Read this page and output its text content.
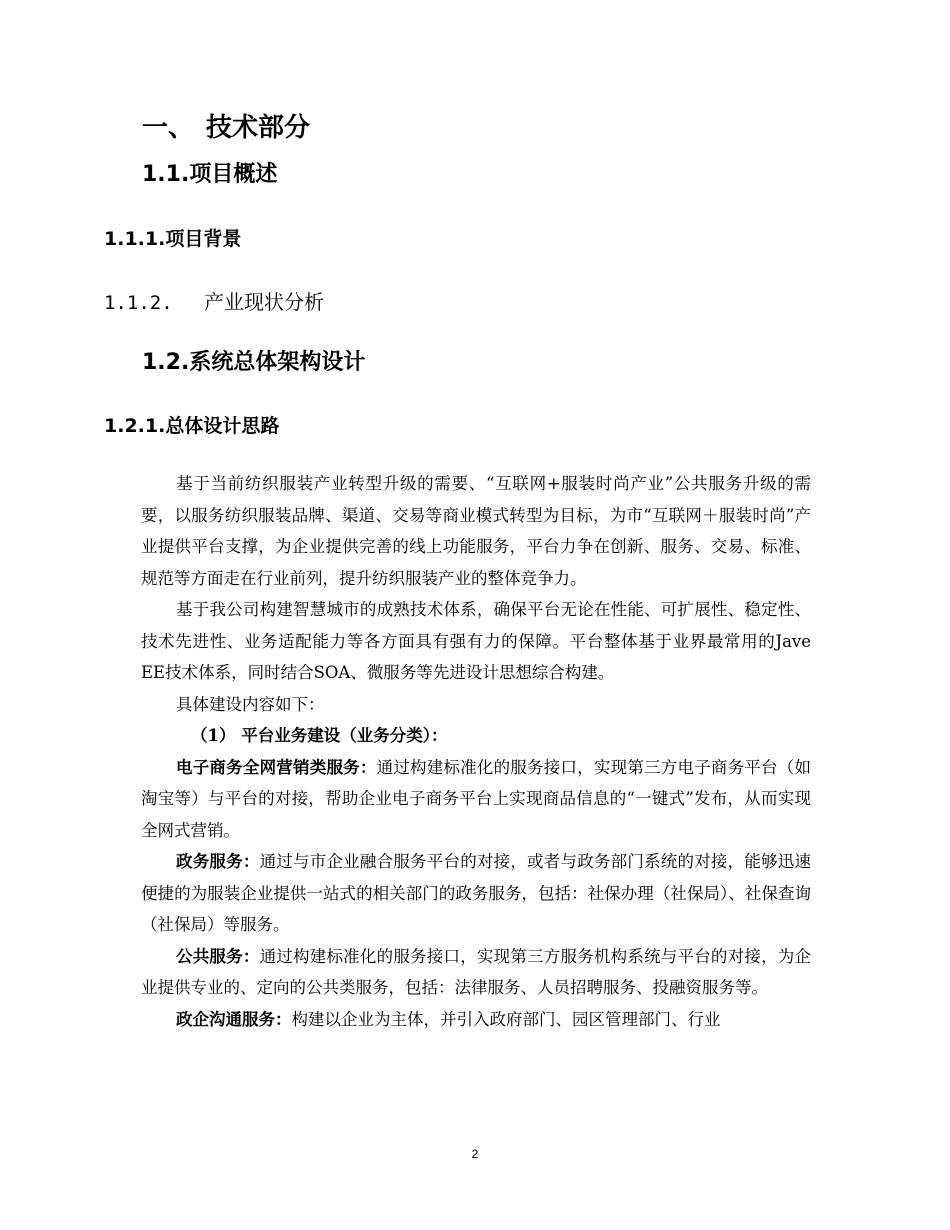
一、 技术部分
1.1.项目概述
1.1.1.项目背景
1.1.2. 产业现状分析
1.2.系统总体架构设计
1.2.1.总体设计思路

基于当前纺织服装产业转型升级的需要、“互联网+服装时尚产业”公共服务升级的需要，以服务纺织服装品牌、渠道、交易等商业模式转型为目标，为市“互联网＋服装时尚”产业提供平台支撑，为企业提供完善的线上功能服务，平台力争在创新、服务、交易、标准、规范等方面走在行业前列，提升纺织服装产业的整体竞争力。

基于我公司构建智慧城市的成熟技术体系，确保平台无论在性能、可扩展性、稳定性、技术先进性、业务适配能力等各方面具有强有力的保障。平台整体基于业界最常用的Jave EE技术体系，同时结合SOA、微服务等先进设计思想综合构建。

具体建设内容如下：

（1） 平台业务建设（业务分类）：

电子商务全网营销类服务：通过构建标准化的服务接口，实现第三方电子商务平台（如淘宝等）与平台的对接，帮助企业电子商务平台上实现商品信息的“一键式”发布，从而实现全网式营销。

政务服务：通过与市企业融合服务平台的对接，或者与政务部门系统的对接，能够迅速便捷的为服装企业提供一站式的相关部门的政务服务，包括：社保办理（社保局）、社保查询（社保局）等服务。

公共服务：通过构建标准化的服务接口，实现第三方服务机构系统与平台的对接，为企业提供专业的、定向的公共类服务，包括：法律服务、人员招聘服务、投融资服务等。

政企沟通服务：构建以企业为主体，并引入政府部门、园区管理部门、行业

2
